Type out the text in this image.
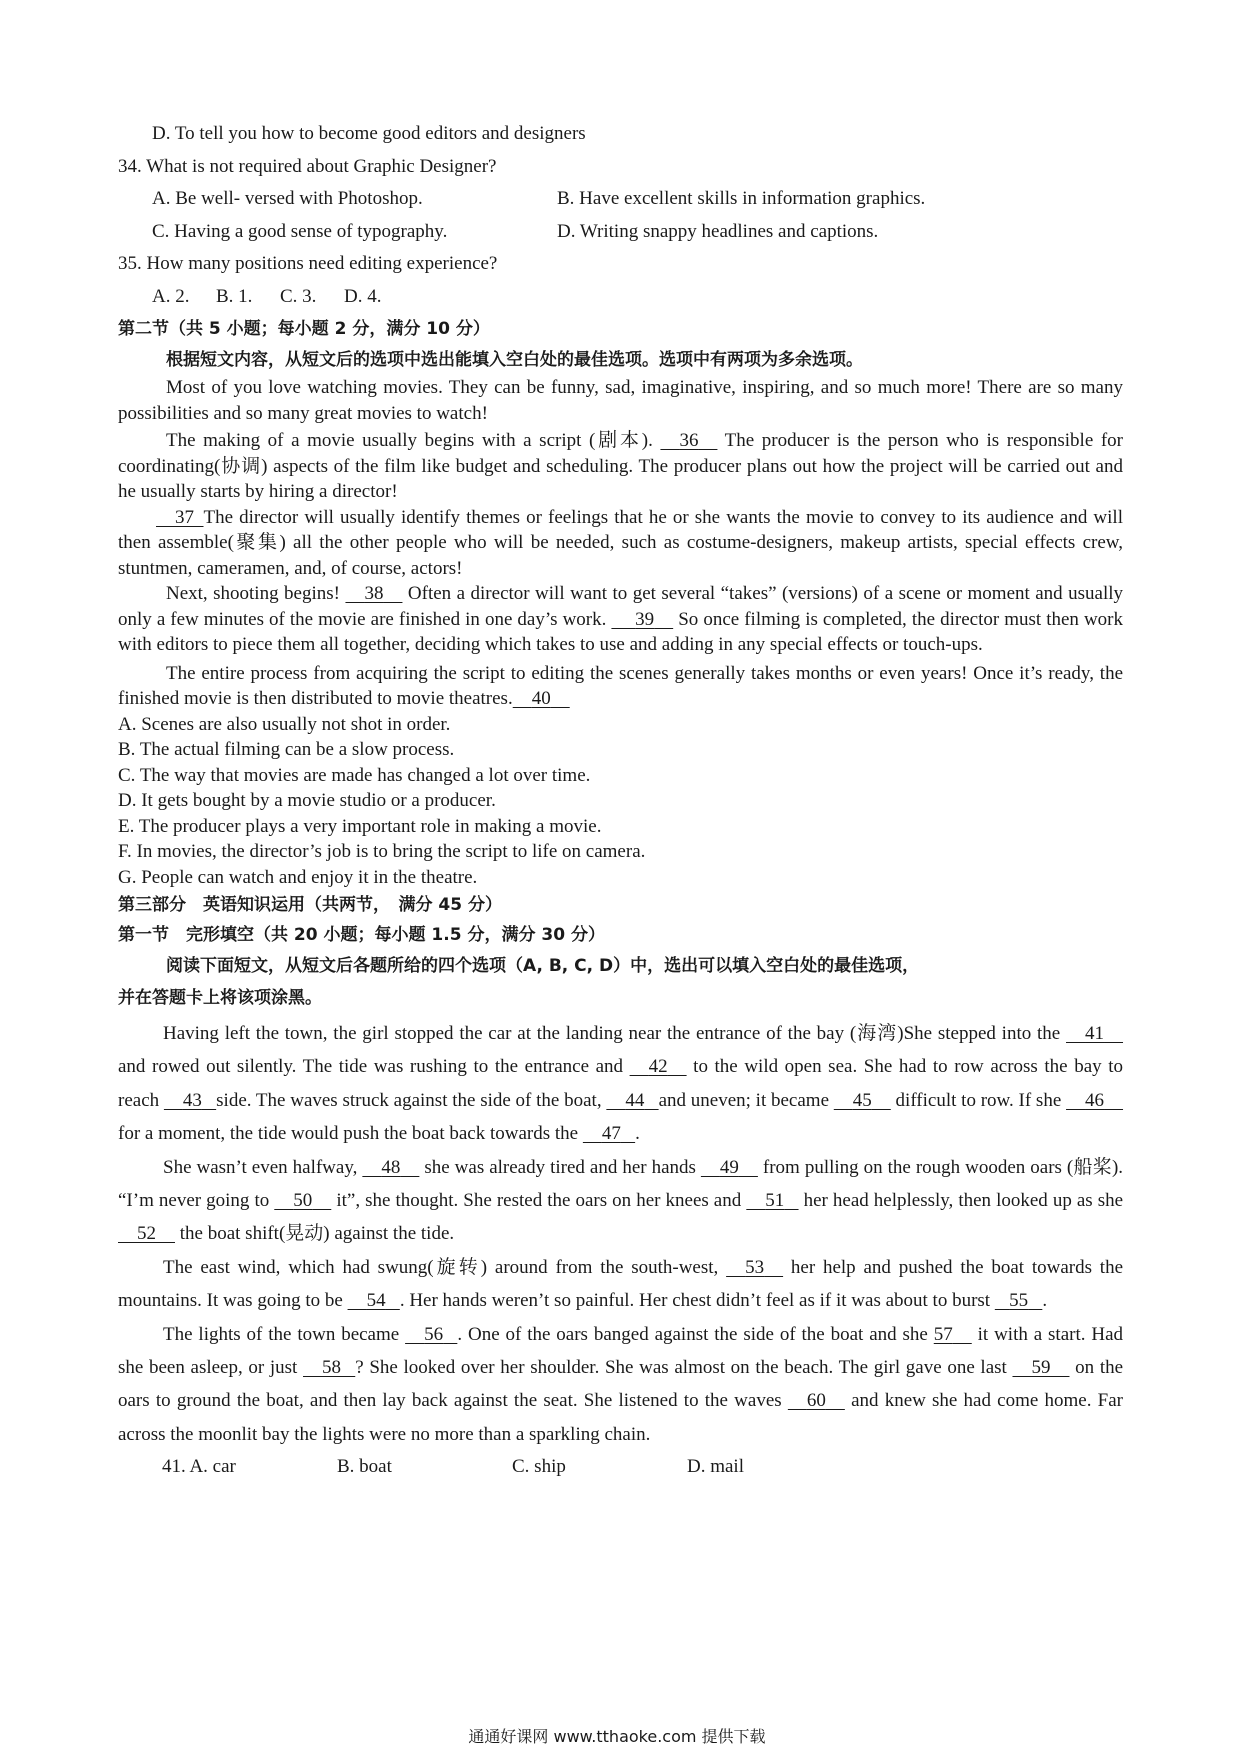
D. To tell you how to become good editors and designers
34. What is not required about Graphic Designer?
A. Be well- versed with Photoshop.	B. Have excellent skills in information graphics.
C. Having a good sense of typography.	D. Writing snappy headlines and captions.
35. How many positions need editing experience?
A. 2. B. 1. C. 3. D. 4.
第二节（共 5 小题；每小题 2 分，满分 10 分）
根据短文内容，从短文后的选项中选出能填入空白处的最佳选项。选项中有两项为多余选项。
Most of you love watching movies. They can be funny, sad, imaginative, inspiring, and so much more! There are so many possibilities and so many great movies to watch!
The making of a movie usually begins with a script (剧本). 36 The producer is the person who is responsible for coordinating(协调) aspects of the film like budget and scheduling. The producer plans out how the project will be carried out and he usually starts by hiring a director!
37 The director will usually identify themes or feelings that he or she wants the movie to convey to its audience and will then assemble(聚集) all the other people who will be needed, such as costume-designers, makeup artists, special effects crew, stuntmen, cameramen, and, of course, actors!
Next, shooting begins! 38 Often a director will want to get several “takes” (versions) of a scene or moment and usually only a few minutes of the movie are finished in one day’s work. 39 So once filming is completed, the director must then work with editors to piece them all together, deciding which takes to use and adding in any special effects or touch-ups.
The entire process from acquiring the script to editing the scenes generally takes months or even years! Once it’s ready, the finished movie is then distributed to movie theatres. 40
A. Scenes are also usually not shot in order.
B. The actual filming can be a slow process.
C. The way that movies are made has changed a lot over time.
D. It gets bought by a movie studio or a producer.
E. The producer plays a very important role in making a movie.
F. In movies, the director’s job is to bring the script to life on camera.
G. People can watch and enjoy it in the theatre.
第三部分　英语知识运用（共两节，　满分 45 分）
第一节　完形填空（共 20 小题；每小题 1.5 分，满分 30 分）
阅读下面短文，从短文后各题所给的四个选项（A, B, C, D）中，选出可以填入空白处的最佳选项，
并在答题卡上将该项涂黑。

Having left the town, the girl stopped the car at the landing near the entrance of the bay (海湾)She stepped into the 41     and rowed out silently. The tide was rushing to the entrance and 42 to the wild open sea. She had to row across the bay to reach 43 side. The waves struck against the side of the boat, 44 and uneven; it became 45 difficult to row. If she 46     for a moment, the tide would push the boat back towards the 47 .

She wasn’t even halfway, 48 she was already tired and her hands 49 from pulling on the rough wooden oars (船桨). “I’m never going to 50 it”, she thought. She rested the oars on her knees and 51 her head helplessly, then looked up as she     52 the boat shift(晃动) against the tide.

The east wind, which had swung(旋转) around from the south-west, 53 her help and pushed the boat towards the mountains. It was going to be 54 . Her hands weren’t so painful. Her chest didn’t feel as if it was about to burst 55 .

The lights of the town became 56 . One of the oars banged against the side of the boat and she 57 it with a start. Had she been asleep, or just 58 ? She looked over her shoulder. She was almost on the beach. The girl gave one last 59 on the oars to ground the boat, and then lay back against the seat. She listened to the waves 60 and knew she had come home. Far across the moonlit bay the lights were no more than a sparkling chain.

41. A. car	B. boat	C. ship	D. mail
通通好课网 www.tthaoke.com 提供下载
